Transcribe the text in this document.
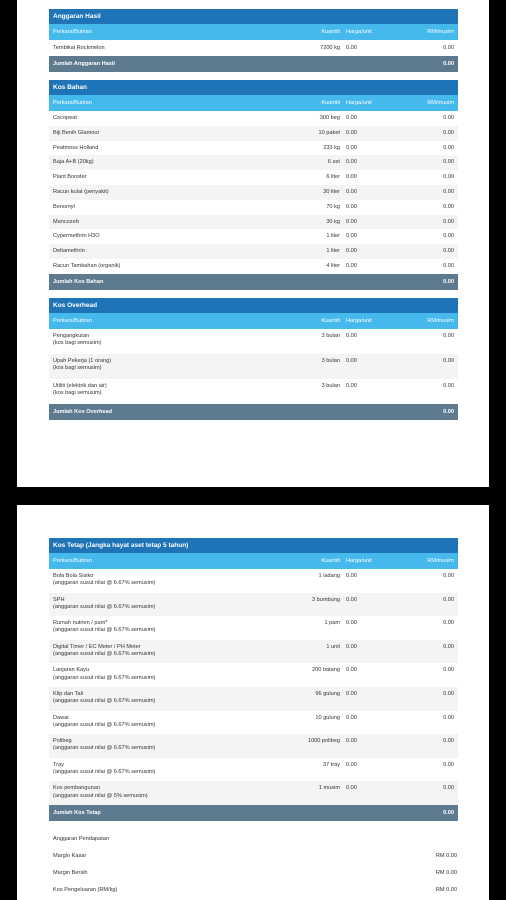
Anggaran Hasil
Perkara/Butiran	Kuantiti	Harga/unit	RM/musim
Tembikai Rockmelon	7200 kg	0.00	0.00
Jumlah Anggaran Hasil	0.00
Kos Bahan
Perkara/Butiran	Kuantiti	Harga/unit	RM/musim
Cocopeat	300 beg	0.00	0.00
Biji Benih Glamour	10 paket	0.00	0.00
Peatmoss Holland	233 kg	0.00	0.00
Baja A+B (20kg)	6 set	0.00	0.00
Plant Booster	6 liter	0.00	0.00
Racun kulat (penyakit)	30 liter	0.00	0.00
Benomyl	70 kg	0.00	0.00
Mancozeb	30 kg	0.00	0.00
Cypermethrin H3O	1 liter	0.00	0.00
Deltamethrin	1 liter	0.00	0.00
Racun Tambahan (organik)	4 liter	0.00	0.00
Jumlah Kos Bahan	0.00
Kos Overhead
Perkara/Butiran	Kuantiti	Harga/unit	RM/musim
Pengangkutan
(kos bagi semusim)
3 bulan	0.00	0.00
Upah Pekerja (1 orang)
(kos bagi semusim)
3 bulan	0.00	0.00
Utiliti (elektrik dan air)
(kos bagi semusim)
3 bulan	0.00	0.00
Jumlah Kos Overhead	0.00
Kos Tetap (Jangka hayat aset tetap 5 tahun)
Perkara/Butiran	Kuantiti	Harga/unit	RM/musim
Bola Bola Sisiko
(anggaran susut nilai @ 6.67% semusim)
1 ladang	0.00	0.00
SPH
(anggaran susut nilai @ 6.67% semusim)
3 bumbung	0.00	0.00
Rumah nutrien / pam*
(anggaran susut nilai @ 6.67% semusim)
1 pam	0.00	0.00
Digital Timer / EC Meter / PH Meter
(anggaran susut nilai @ 6.67% semusim)
1 unit	0.00	0.00
Lanjaran Kayu
(anggaran susut nilai @ 6.67% semusim)
200 batang	0.00	0.00
Klip dan Tali
(anggaran susut nilai @ 6.67% semusim)
96 gulung	0.00	0.00
Dawai
(anggaran susut nilai @ 6.67% semusim)
10 gulung	0.00	0.00
Polibeg
(anggaran susut nilai @ 6.67% semusim)
1000 polibeg	0.00	0.00
Tray
(anggaran susut nilai @ 6.67% semusim)
37 tray	0.00	0.00
Kos pembangunan
(anggaran susut nilai @ 5% semusim)
1 musim	0.00	0.00
Jumlah Kos Tetap	0.00
Anggaran Pendapatan
Margin Kasar	RM 0.00
Margin Bersih	RM 0.00
Kos Pengeluaran (RM/kg)	RM 0.00
